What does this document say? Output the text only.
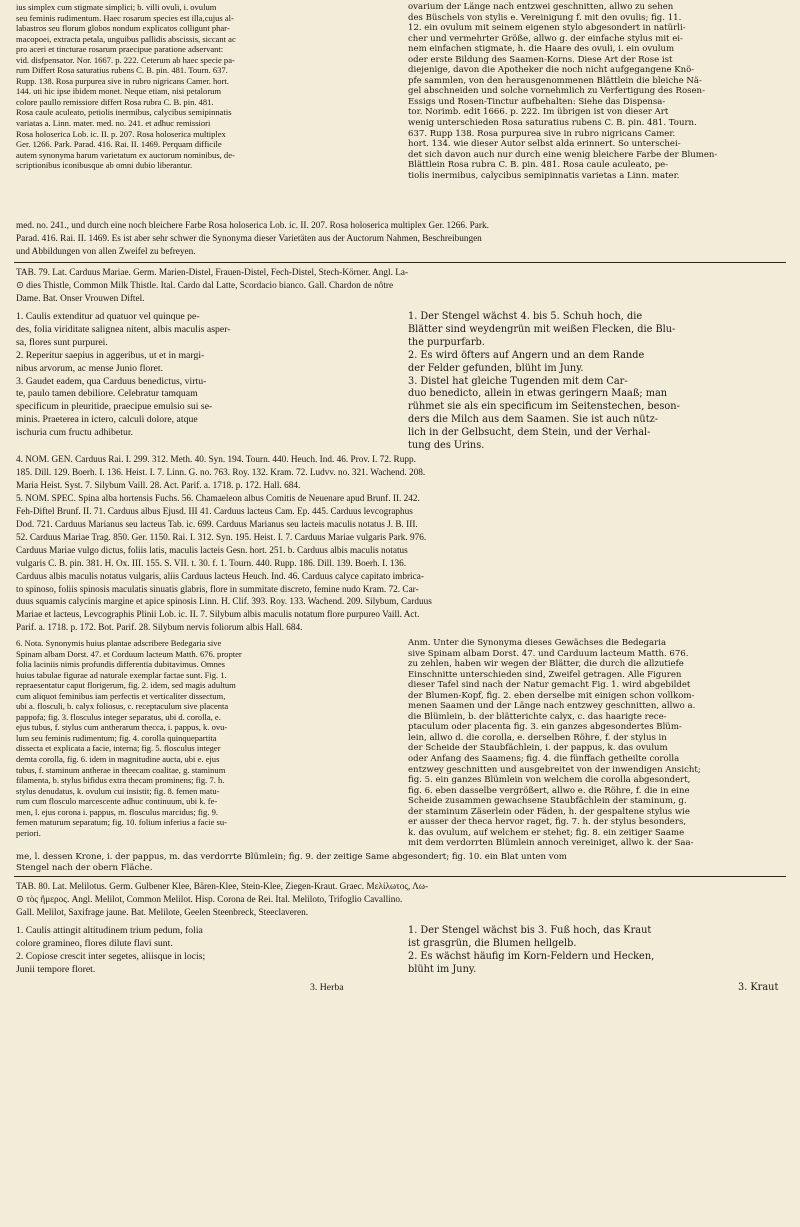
ius simplex cum stigmate simplici; b. villi ovuli, i. ovulum

seu feminis rudimentum. Haec rosarum species est illa,cujus al-

labastros seu florum globos nondum explicatos colligunt phar-

macopoei, extracta petala, unguibus pallidis abscissis, siccant ac

pro aceri et tincturae rosarum praecipue paratione adservant:

vid. disfpensator. Nor. 1667. p. 222. Ceterum ab haec specie pa-

rum Differt Rosa saturatius rubens C. B. pin. 481. Tourn. 637.

Rupp. 138. Rosa purpurea sive in rubro nigricans Camer. hort.

144. uti hic ipse ibidem monet. Neque etiam, nisi petalorum

colore paullo remissiore differt Rosa rubra C. B. pin. 481.

Rosa caule aculeato, petiolis inermibus, calycibus semipinnatis

variatas a. Linn. mater. med. no. 241. et adhuc remissiori

Rosa holoserica Lob. ic. II. p. 207. Rosa holoserica multiplex

Ger. 1266. Park. Parad. 416. Rai. II. 1469. Perquam difficile

autem synonyma harum varietatum ex auctorum nominibus, de-

scriptionibus iconibusque ab omni dubio liberantur.

ovarium der Länge nach entzwei geschnitten, allwo zu sehen

des Büschels von stylis e. Vereinigung f. mit den ovulis; fig. 11.

12. ein ovulum mit seinem eigenen stylo abgesondert in natürli-

cher und vermehrter Größe, allwo g. der einfache stylus mit ei-

nem einfachen stigmate, h. die Haare des ovuli, i. ein ovulum

oder erste Bildung des Saamen-Korns. Diese Art der Rose ist

diejenige, davon die Apotheker die noch nicht aufgegangene Knö-

pfe sammlen, von den herausgenommenen Blättlein die bleiche Nä-

gel abschneiden und solche vornehmlich zu Verfertigung des Rosen-

Essigs und Rosen-Tinctur aufbehalten: Siehe das Dispensa-

tor. Norimb. edit 1666. p. 222. Im übrigen ist von dieser Art

wenig unterschieden Rosa saturatius rubens C. B. pin. 481. Tourn.

637. Rupp 138. Rosa purpurea sive in rubro nigricans Camer.

hort. 134. wie dieser Autor selbst alda erinnert. So unterschei-

det sich davon auch nur durch eine wenig bleichere Farbe der Blumen-

Blättlein Rosa rubra C. B. pin. 481. Rosa caule aculeato, pe-

tiolis inermibus, calycibus semipinnatis varietas a Linn. mater.

med. no. 241., und durch eine noch bleichere Farbe Rosa holoserica Lob. ic. II. 207. Rosa holoserica multiplex Ger. 1266. Park.

Parad. 416. Rai. II. 1469. Es ist aber sehr schwer die Synonyma dieser Varietäten aus der Auctorum Nahmen, Beschreibungen

und Abbildungen von allen Zweifel zu befreyen.

TAB. 79. Lat. Carduus Mariae. Germ. Marien-Distel, Frauen-Distel, Fech-Distel, Stech-Körner. Angl. La-

⊙ dies Thistle, Common Milk Thistle. Ital. Cardo dal Latte, Scordacio bianco. Gall. Chardon de nôtre

Dame. Bat. Onser Vrouwen Diftel.

1. Caulis extenditur ad quatuor vel quinque pe-

des, folia viriditate salignea nitent, albis maculis asper-

sa, flores sunt purpurei.

2. Reperitur saepius in aggeribus, ut et in margi-

nibus arvorum, ac mense Junio floret.

3. Gaudet eadem, qua Carduus benedictus, virtu-

te, paulo tamen debiliore. Celebratur tamquam

specificum in pleuritide, praecipue emulsio sui se-

minis. Praeterea in ictero, calculi dolore, atque

ischuria cum fructu adhibetur.

1. Der Stengel wächst 4. bis 5. Schuh hoch, die

Blätter sind weydengrün mit weißen Flecken, die Blu-

the purpurfarb.

2. Es wird öfters auf Angern und an dem Rande

der Felder gefunden, blüht im Juny.

3. Distel hat gleiche Tugenden mit dem Car-

duo benedicto, allein in etwas geringern Maaß; man

rühmet sie als ein specificum im Seitenstechen, beson-

ders die Milch aus dem Saamen. Sie ist auch nütz-

lich in der Gelbsucht, dem Stein, und der Verhal-

tung des Urins.

4. NOM. GEN. Carduus Rai. I. 299. 312. Meth. 40. Syn. 194. Tourn. 440. Heuch. Ind. 46. Prov. I. 72. Rupp.

185. Dill. 129. Boerh. I. 136. Heist. I. 7. Linn. G. no. 763. Roy. 132. Kram. 72. Ludvv. no. 321. Wachend. 208.

Maria Heist. Syst. 7. Silybum Vaill. 28. Act. Parif. a. 1718. p. 172. Hall. 684.

5. NOM. SPEC. Spina alba hortensis Fuchs. 56. Chamaeleon albus Comitis de Neuenare apud Brunf. II. 242.

Feh-Diftel Brunf. II. 71. Carduus albus Ejusd. III 41. Carduus lacteus Cam. Ep. 445. Carduus levcographus

Dod. 721. Carduus Marianus seu lacteus Tab. ic. 699. Carduus Marianus seu lacteis maculis notatus J. B. III.

52. Carduus Mariae Trag. 850. Ger. 1150. Rai. I. 312. Syn. 195. Heist. I. 7. Carduus Mariae vulgaris Park. 976.

Carduus Mariae vulgo dictus, foliis latis, maculis lacteis Gesn. hort. 251. b. Carduus albis maculis notatus

vulgaris C. B. pin. 381. H. Ox. III. 155. S. VII. t. 30. f. 1. Tourn. 440. Rupp. 186. Dill. 139. Boerh. I. 136.

Carduus albis maculis notatus vulgaris, aliis Carduus lacteus Heuch. Ind. 46. Carduus calyce capitato imbrica-

to spinoso, foliis spinosis maculatis sinuatis glabris, flore in summitate discreto, femine nudo Kram. 72. Car-

duus squamis calycinis margine et apice spinosis Linn. H. Clif. 393. Roy. 133. Wachend. 209. Silybum, Carduus

Mariae et lacteus, Levcographis Plinii Lob. ic. II. 7. Silybum albis maculis notatum flore purpureo Vaill. Act.

Parif. a. 1718. p. 172. Bot. Parif. 28. Silybum nervis foliorum albis Hall. 684.

6. Nota. Synonymis huius plantae adscribere Bedegaria sive

Spinam albam Dorst. 47. et Corduum lacteum Matth. 676. propter

folia laciniis nimis profundis differentia dubitavimus. Omnes

huius tabulae figurae ad naturale exemplar factae sunt. Fig. 1.

repraesentatur caput florigerum, fig. 2. idem, sed magis adultum

cum aliquot feminibus iam perfectis et verticaliter dissectum,

ubi a. flosculi, b. calyx foliosus, c. receptaculum sive placenta

pappofa; fig. 3. flosculus integer separatus, ubi d. corolla, e.

ejus tubus, f. stylus cum antherarum thecca, i. pappus, k. ovu-

lum seu feminis rudimentum; fig. 4. corolla quinquepartita

dissecta et explicata a facie, interna; fig. 5. flosculus integer

demta corolla, fig. 6. idem in magnitudine aucta, ubi e. ejus

tubus, f. staminum antherae in theecam coalitae, g. staminum

filamenta, b. stylus bifidus extra thecam prominens; fig. 7. h.

stylus denudatus, k. ovulum cui insistit; fig. 8. femen matu-

rum cum flosculo marcescente adhuc continuum, ubi k. fe-

men, l. ejus corona i. pappus, m. flosculus marcidus; fig. 9.

femen maturum separatum; fig. 10. folium inferius a facie su-

periori.

Anm. Unter die Synonyma dieses Gewächses die Bedegaria

sive Spinam albam Dorst. 47. und Carduum lacteum Matth. 676.

zu zehlen, haben wir wegen der Blätter, die durch die allzutiefe

Einschnitte unterschieden sind, Zweifel getragen. Alle Figuren

dieser Tafel sind nach der Natur gemacht Fig. 1. wird abgebildet

der Blumen-Kopf, fig. 2. eben derselbe mit einigen schon vollkom-

menen Saamen und der Länge nach entzwey geschnitten, allwo a.

die Blümlein, b. der blätterichte calyx, c. das haarigte rece-

ptaculum oder placenta fig. 3. ein ganzes abgesondertes Blüm-

lein, allwo d. die corolla, e. derselben Röhre, f. der stylus in

der Scheide der Staubfächlein, i. der pappus, k. das ovulum

oder Anfang des Saamens; fig. 4. die fünffach getheilte corolla

entzwey geschnitten und ausgebreitet von der inwendigen Ansicht;

fig. 5. ein ganzes Blümlein von welchem die corolla abgesondert,

fig. 6. eben dasselbe vergrößert, allwo e. die Röhre, f. die in eine

Scheide zusammen gewachsene Staubfächlein der staminum, g.

der staminum Zäserlein oder Fäden, h. der gespaltene stylus wie

er ausser der theca hervor raget, fig. 7. h. der stylus besonders,

k. das ovulum, auf welchem er stehet; fig. 8. ein zeitiger Saame

mit dem verdorrten Blümlein annoch vereiniget, allwo k. der Saa-

me, l. dessen Krone, i. der pappus, m. das verdorrte Blümlein; fig. 9. der zeitige Same abgesondert; fig. 10. ein Blat unten vom

Stengel nach der obern Fläche.

TAB. 80. Lat. Melilotus. Germ. Gulbener Klee, Bären-Klee, Stein-Klee, Ziegen-Kraut. Graec. Μελίλωτος, Λω-

⊙ τὸς ἥμερος. Angl. Melilot, Common Melilot. Hisp. Corona de Rei. Ital. Meliloto, Trifoglio Cavallino.

Gall. Melilot, Saxifrage jaune. Bat. Melilote, Geelen Steenbreck, Steeclaveren.

1. Caulis attingit altitudinem trium pedum, folia

colore gramineo, flores dilute flavi sunt.

2. Copiose crescit inter segetes, aliisque in locis;

Junii tempore floret.

1. Der Stengel wächst bis 3. Fuß hoch, das Kraut

ist grasgrün, die Blumen hellgelb.

2. Es wächst häufig im Korn-Feldern und Hecken,

blüht im Juny.

3. Herba	3. Kraut
